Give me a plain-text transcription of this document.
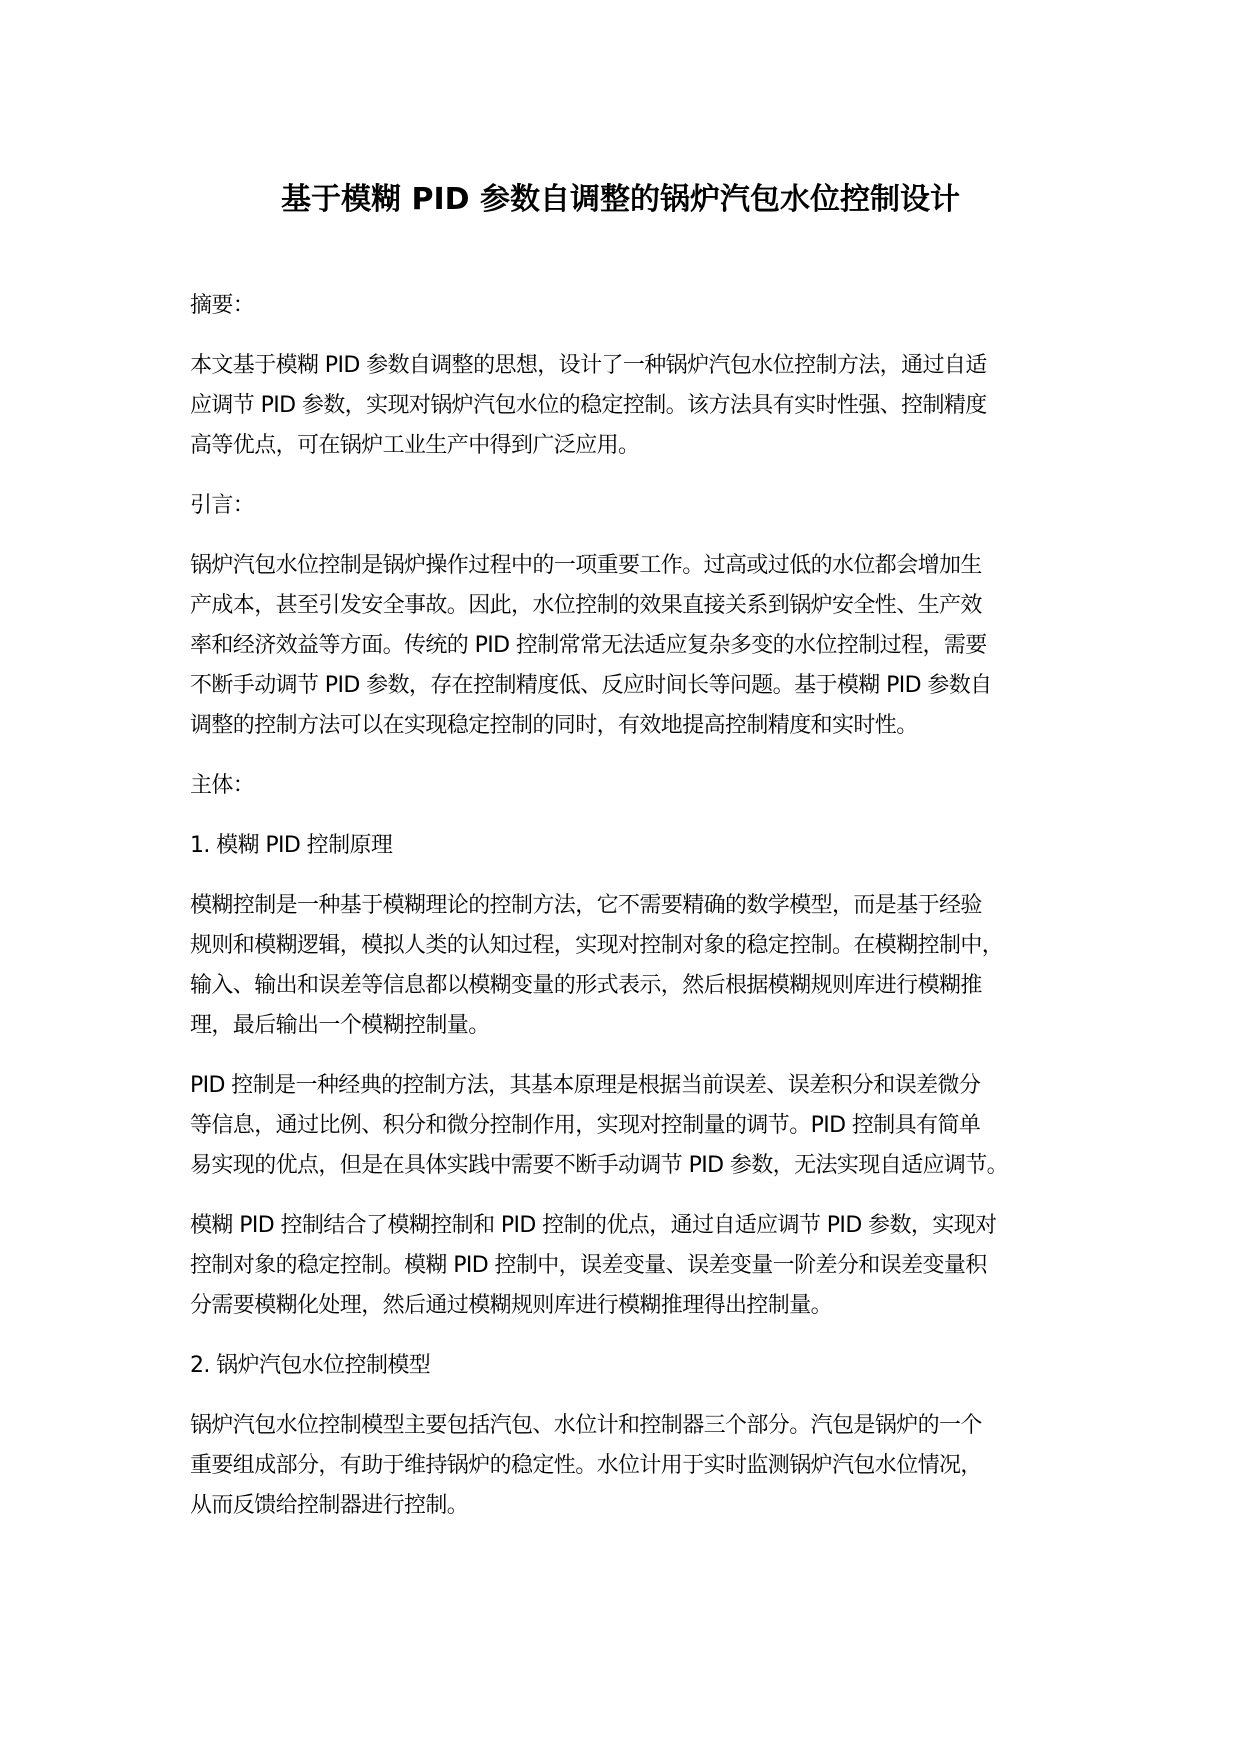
基于模糊 PID 参数自调整的锅炉汽包水位控制设计

摘要：

本文基于模糊 PID 参数自调整的思想，设计了一种锅炉汽包水位控制方法，通过自适
应调节 PID 参数，实现对锅炉汽包水位的稳定控制。该方法具有实时性强、控制精度
高等优点，可在锅炉工业生产中得到广泛应用。

引言：

锅炉汽包水位控制是锅炉操作过程中的一项重要工作。过高或过低的水位都会增加生
产成本，甚至引发安全事故。因此，水位控制的效果直接关系到锅炉安全性、生产效
率和经济效益等方面。传统的 PID 控制常常无法适应复杂多变的水位控制过程，需要
不断手动调节 PID 参数，存在控制精度低、反应时间长等问题。基于模糊 PID 参数自
调整的控制方法可以在实现稳定控制的同时，有效地提高控制精度和实时性。

主体：

1. 模糊 PID 控制原理

模糊控制是一种基于模糊理论的控制方法，它不需要精确的数学模型，而是基于经验
规则和模糊逻辑，模拟人类的认知过程，实现对控制对象的稳定控制。在模糊控制中，
输入、输出和误差等信息都以模糊变量的形式表示，然后根据模糊规则库进行模糊推
理，最后输出一个模糊控制量。

PID 控制是一种经典的控制方法，其基本原理是根据当前误差、误差积分和误差微分
等信息，通过比例、积分和微分控制作用，实现对控制量的调节。PID 控制具有简单
易实现的优点，但是在具体实践中需要不断手动调节 PID 参数，无法实现自适应调节。

模糊 PID 控制结合了模糊控制和 PID 控制的优点，通过自适应调节 PID 参数，实现对
控制对象的稳定控制。模糊 PID 控制中，误差变量、误差变量一阶差分和误差变量积
分需要模糊化处理，然后通过模糊规则库进行模糊推理得出控制量。

2. 锅炉汽包水位控制模型

锅炉汽包水位控制模型主要包括汽包、水位计和控制器三个部分。汽包是锅炉的一个
重要组成部分，有助于维持锅炉的稳定性。水位计用于实时监测锅炉汽包水位情况，
从而反馈给控制器进行控制。
